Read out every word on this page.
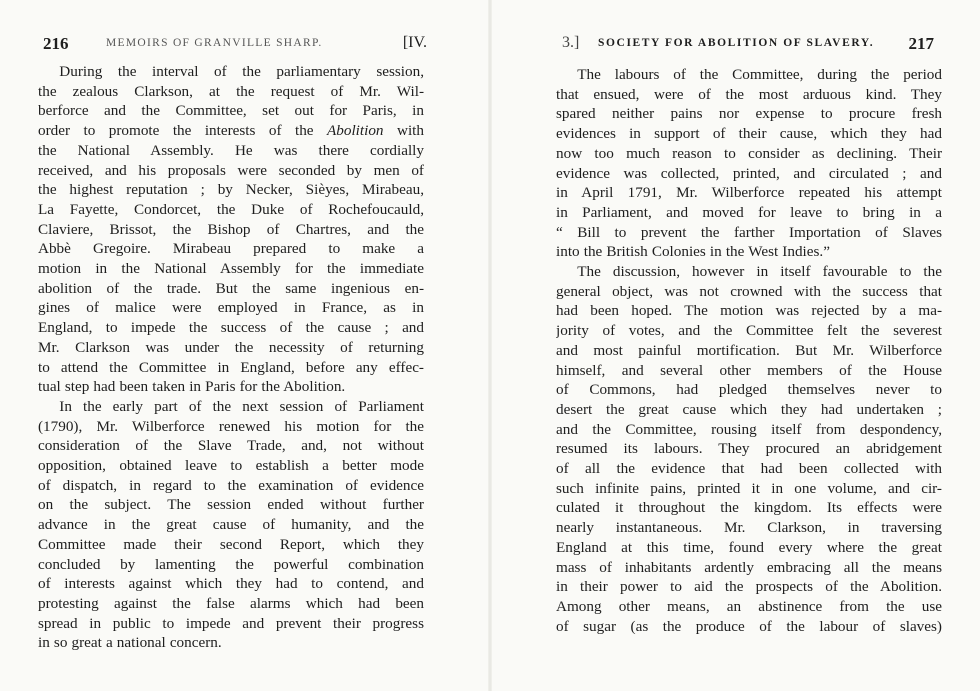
216	MEMOIRS OF GRANVILLE SHARP.	[IV.
During the interval of the parliamentary session,
the zealous Clarkson, at the request of Mr. Wil-
berforce and the Committee, set out for Paris, in
order to promote the interests of the Abolition with
the National Assembly. He was there cordially
received, and his proposals were seconded by men of
the highest reputation ; by Necker, Sièyes, Mirabeau,
La Fayette, Condorcet, the Duke of Rochefoucauld,
Claviere, Brissot, the Bishop of Chartres, and the
Abbè Gregoire. Mirabeau prepared to make a
motion in the National Assembly for the immediate
abolition of the trade. But the same ingenious en-
gines of malice were employed in France, as in
England, to impede the success of the cause ; and
Mr. Clarkson was under the necessity of returning
to attend the Committee in England, before any effec-
tual step had been taken in Paris for the Abolition.
In the early part of the next session of Parliament
(1790), Mr. Wilberforce renewed his motion for the
consideration of the Slave Trade, and, not without
opposition, obtained leave to establish a better mode
of dispatch, in regard to the examination of evidence
on the subject. The session ended without further
advance in the great cause of humanity, and the
Committee made their second Report, which they
concluded by lamenting the powerful combination
of interests against which they had to contend, and
protesting against the false alarms which had been
spread in public to impede and prevent their progress
in so great a national concern.
3.] SOCIETY FOR ABOLITION OF SLAVERY. 217
The labours of the Committee, during the period
that ensued, were of the most arduous kind. They
spared neither pains nor expense to procure fresh
evidences in support of their cause, which they had
now too much reason to consider as declining. Their
evidence was collected, printed, and circulated ; and
in April 1791, Mr. Wilberforce repeated his attempt
in Parliament, and moved for leave to bring in a
“ Bill to prevent the farther Importation of Slaves
into the British Colonies in the West Indies.”
The discussion, however in itself favourable to the
general object, was not crowned with the success that
had been hoped. The motion was rejected by a ma-
jority of votes, and the Committee felt the severest
and most painful mortification. But Mr. Wilberforce
himself, and several other members of the House
of Commons, had pledged themselves never to
desert the great cause which they had undertaken ;
and the Committee, rousing itself from despondency,
resumed its labours. They procured an abridgement
of all the evidence that had been collected with
such infinite pains, printed it in one volume, and cir-
culated it throughout the kingdom. Its effects were
nearly instantaneous. Mr. Clarkson, in traversing
England at this time, found every where the great
mass of inhabitants ardently embracing all the means
in their power to aid the prospects of the Abolition.
Among other means, an abstinence from the use
of sugar (as the produce of the labour of slaves)
